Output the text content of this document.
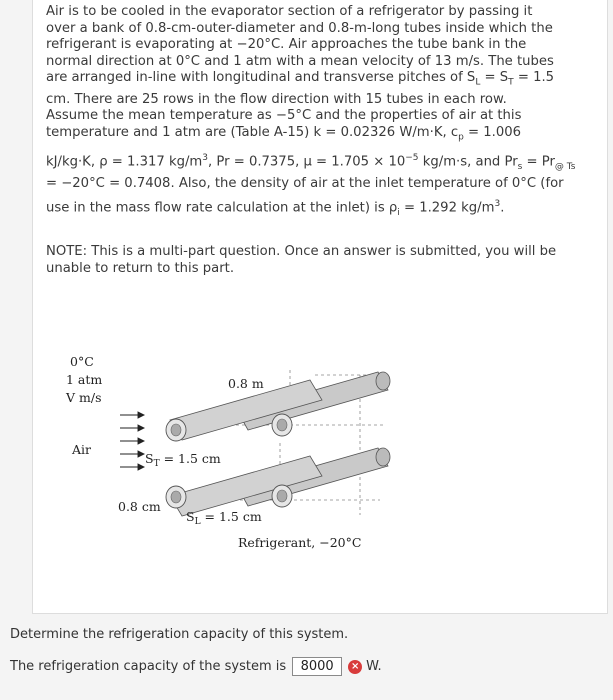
Air is to be cooled in the evaporator section of a refrigerator by passing it

over a bank of 0.8-cm-outer-diameter and 0.8-m-long tubes inside which the

refrigerant is evaporating at −20°C. Air approaches the tube bank in the

normal direction at 0°C and 1 atm with a mean velocity of 13 m/s. The tubes

are arranged in-line with longitudinal and transverse pitches of $S_L = S_T = 1.5$

cm. There are 25 rows in the flow direction with 15 tubes in each row.

Assume the mean temperature as −5°C and the properties of air at this

temperature and 1 atm are (Table A-15) k = 0.02326 W/m·K, $c_p = 1.006$

kJ/kg·K, ρ = 1.317 $kg/m^3$, Pr = 0.7375, $\mu = 1.705 \times 10^{-5}$ kg/m·s, and $Pr_s = Pr_{@ Ts}$

= −20°C = 0.7408. Also, the density of air at the inlet temperature of 0°C (for

use in the mass flow rate calculation at the inlet) is $\rho_i = 1.292$ $kg/m^3$.

NOTE: This is a multi-part question. Once an answer is submitted, you will be unable to return to this part.
0°C
1 atm
V m/s
Air
0.8 m
$S_T = 1.5$ cm
0.8 cm
$S_L = 1.5$ cm
Refrigerant, −20°C
Determine the refrigeration capacity of this system.
The refrigeration capacity of the system is	8000	× W.
